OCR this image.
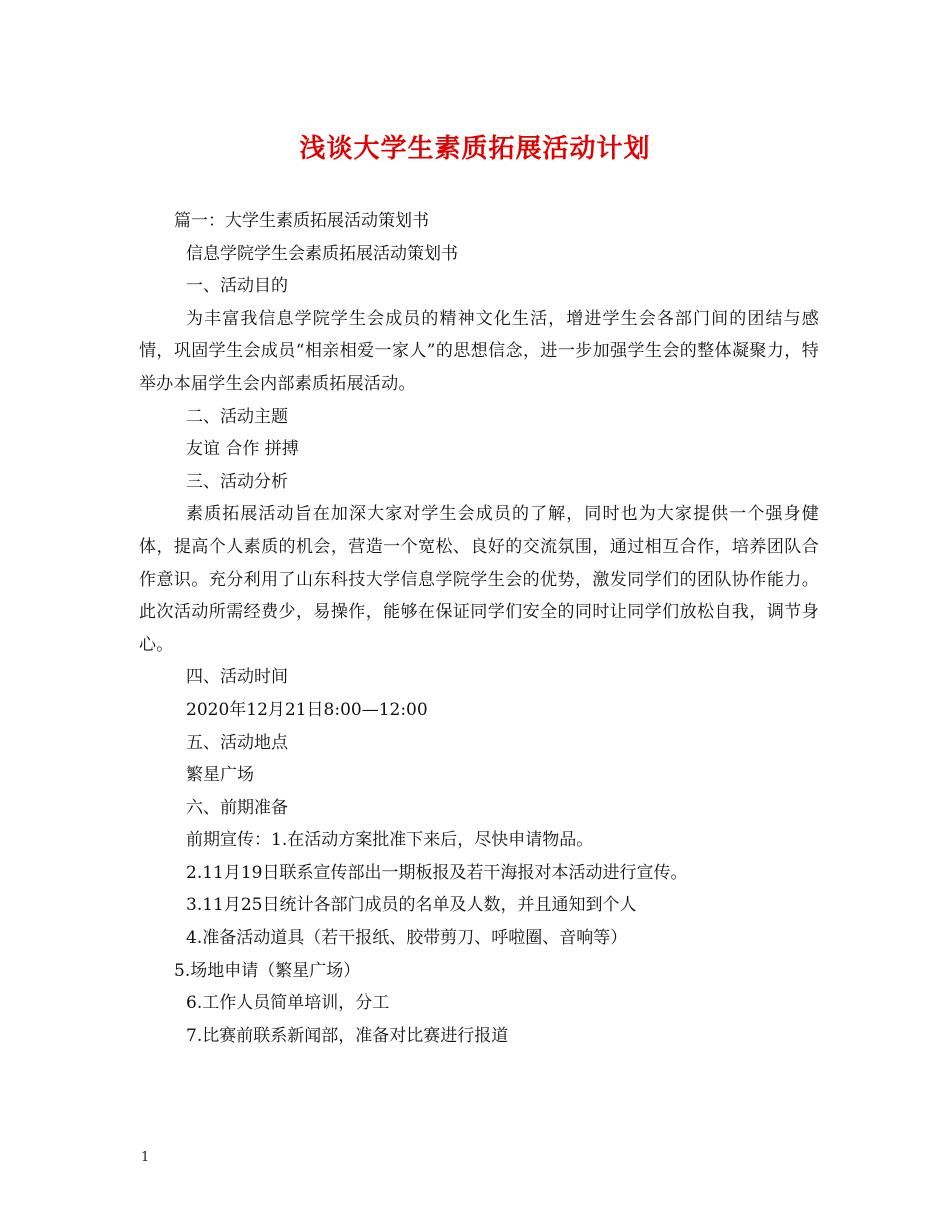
浅谈大学生素质拓展活动计划

篇一：大学生素质拓展活动策划书

信息学院学生会素质拓展活动策划书

一、活动目的

为丰富我信息学院学生会成员的精神文化生活，增进学生会各部门间的团结与感情，巩固学生会成员“相亲相爱一家人”的思想信念，进一步加强学生会的整体凝聚力，特举办本届学生会内部素质拓展活动。

二、活动主题

友谊 合作 拼搏

三、活动分析

素质拓展活动旨在加深大家对学生会成员的了解，同时也为大家提供一个强身健体，提高个人素质的机会，营造一个宽松、良好的交流氛围，通过相互合作，培养团队合作意识。充分利用了山东科技大学信息学院学生会的优势，激发同学们的团队协作能力。此次活动所需经费少，易操作，能够在保证同学们安全的同时让同学们放松自我，调节身心。

四、活动时间

2020年12月21日8:00—12:00

五、活动地点

繁星广场

六、前期准备

前期宣传：1.在活动方案批准下来后，尽快申请物品。

2.11月19日联系宣传部出一期板报及若干海报对本活动进行宣传。

3.11月25日统计各部门成员的名单及人数，并且通知到个人

4.准备活动道具（若干报纸、胶带剪刀、呼啦圈、音响等）

5.场地申请（繁星广场）

6.工作人员简单培训，分工

7.比赛前联系新闻部，准备对比赛进行报道

1
